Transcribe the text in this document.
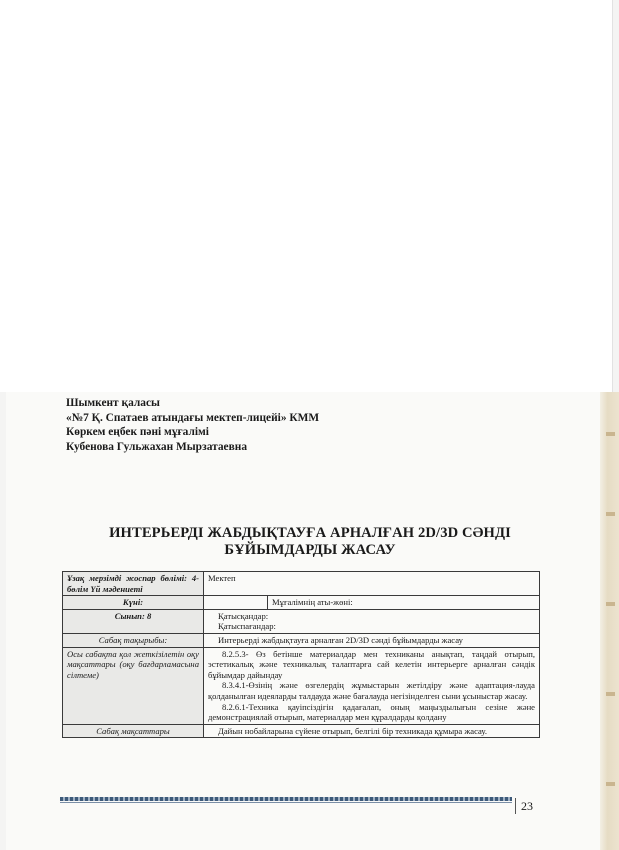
Шымкент қаласы
«№7 Қ. Спатаев атындағы мектеп-лицейі» КММ
Көркем еңбек пәні мұғалімі
Кубенова Гульжахан Мырзатаевна
ИНТЕРЬЕРДІ ЖАБДЫҚТАУҒА АРНАЛҒАН 2D/3D СӘНДІ
БҰЙЫМДАРДЫ ЖАСАУ
Ұзақ мерзімді жоспар бөлімі: 4-бөлім Үй мәдениеті	Мектеп	
Күні:		Мұғалімнің аты-жөні:
Сынып: 8	Қатысқандар:
Қатыспағандар:	

Сабақ тақырыбы:	Интерьерді жабдықтауға арналған 2D/3D сәнді бұйымдарды жасау	
Осы сабақта қол жеткізілетін оқу мақсаттары (оқу бағдарламасына сілтеме)	8.2.5.3- Өз бетінше материалдар мен техниканы анықтап, таңдай отырып, эстетикалық және техникалық талаптарға сай келетін интерьерге арналған сәндік бұйымдар дайындау

8.3.4.1-Өзінің және өзгелердің жұмыстарын жетілдіру және адаптация-лауда қолданылған идеяларды талдауда және бағалауда негізінделген сыни ұсыныстар жасау.

8.2.6.1-Техника қауіпсіздігін қадағалап, оның маңыздылығын сезіне және демонстрациялай отырып, материалдар мен құралдарды қолдану	

Сабақ мақсаттары	Дайын нобайларына сүйене отырып, белгілі бір техникада құмыра жасау.	
23
